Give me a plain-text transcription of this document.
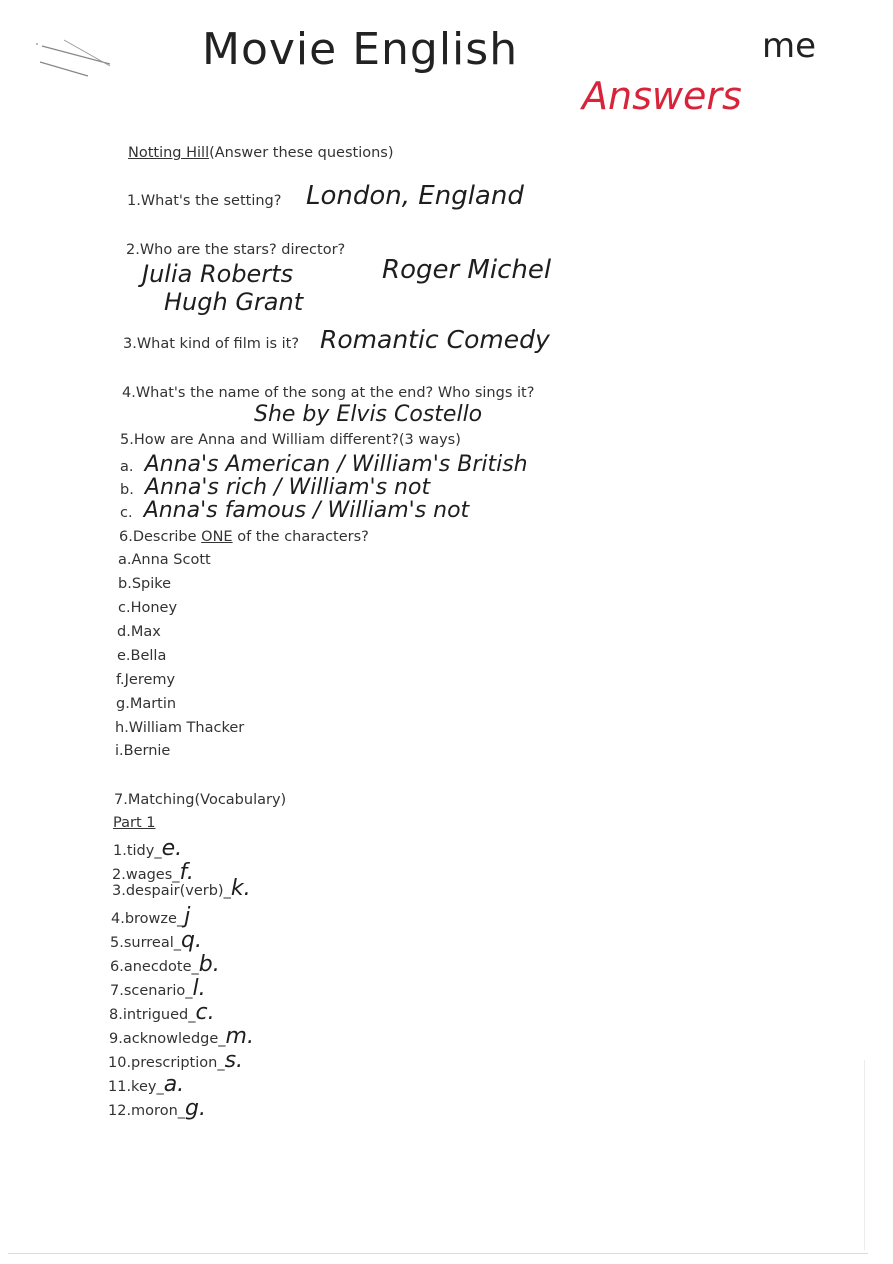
Movie English	me
Answers
Notting Hill(Answer these questions)
1.What's the setting? London, England
2.Who are the stars? director?
Julia Roberts
Hugh Grant
Roger Michel
3.What kind of film is it? Romantic Comedy
4.What's the name of the song at the end? Who sings it?
She by Elvis Costello
5.How are Anna and William different?(3 ways)
a. Anna's American / William's British
b. Anna's rich / William's not
c. Anna's famous / William's not
6.Describe ONE of the characters?
a.Anna Scott
b.Spike
c.Honey
d.Max
e.Bella
f.Jeremy
g.Martin
h.William Thacker
i.Bernie
7.Matching(Vocabulary)
Part 1
1.tidy_e.
2.wages_f.
3.despair(verb)_k.
4.browze_j
5.surreal_q.
6.anecdote_b.
7.scenario_l.
8.intrigued_c.
9.acknowledge_m.
10.prescription_s.
11.key_a.
12.moron_g.
